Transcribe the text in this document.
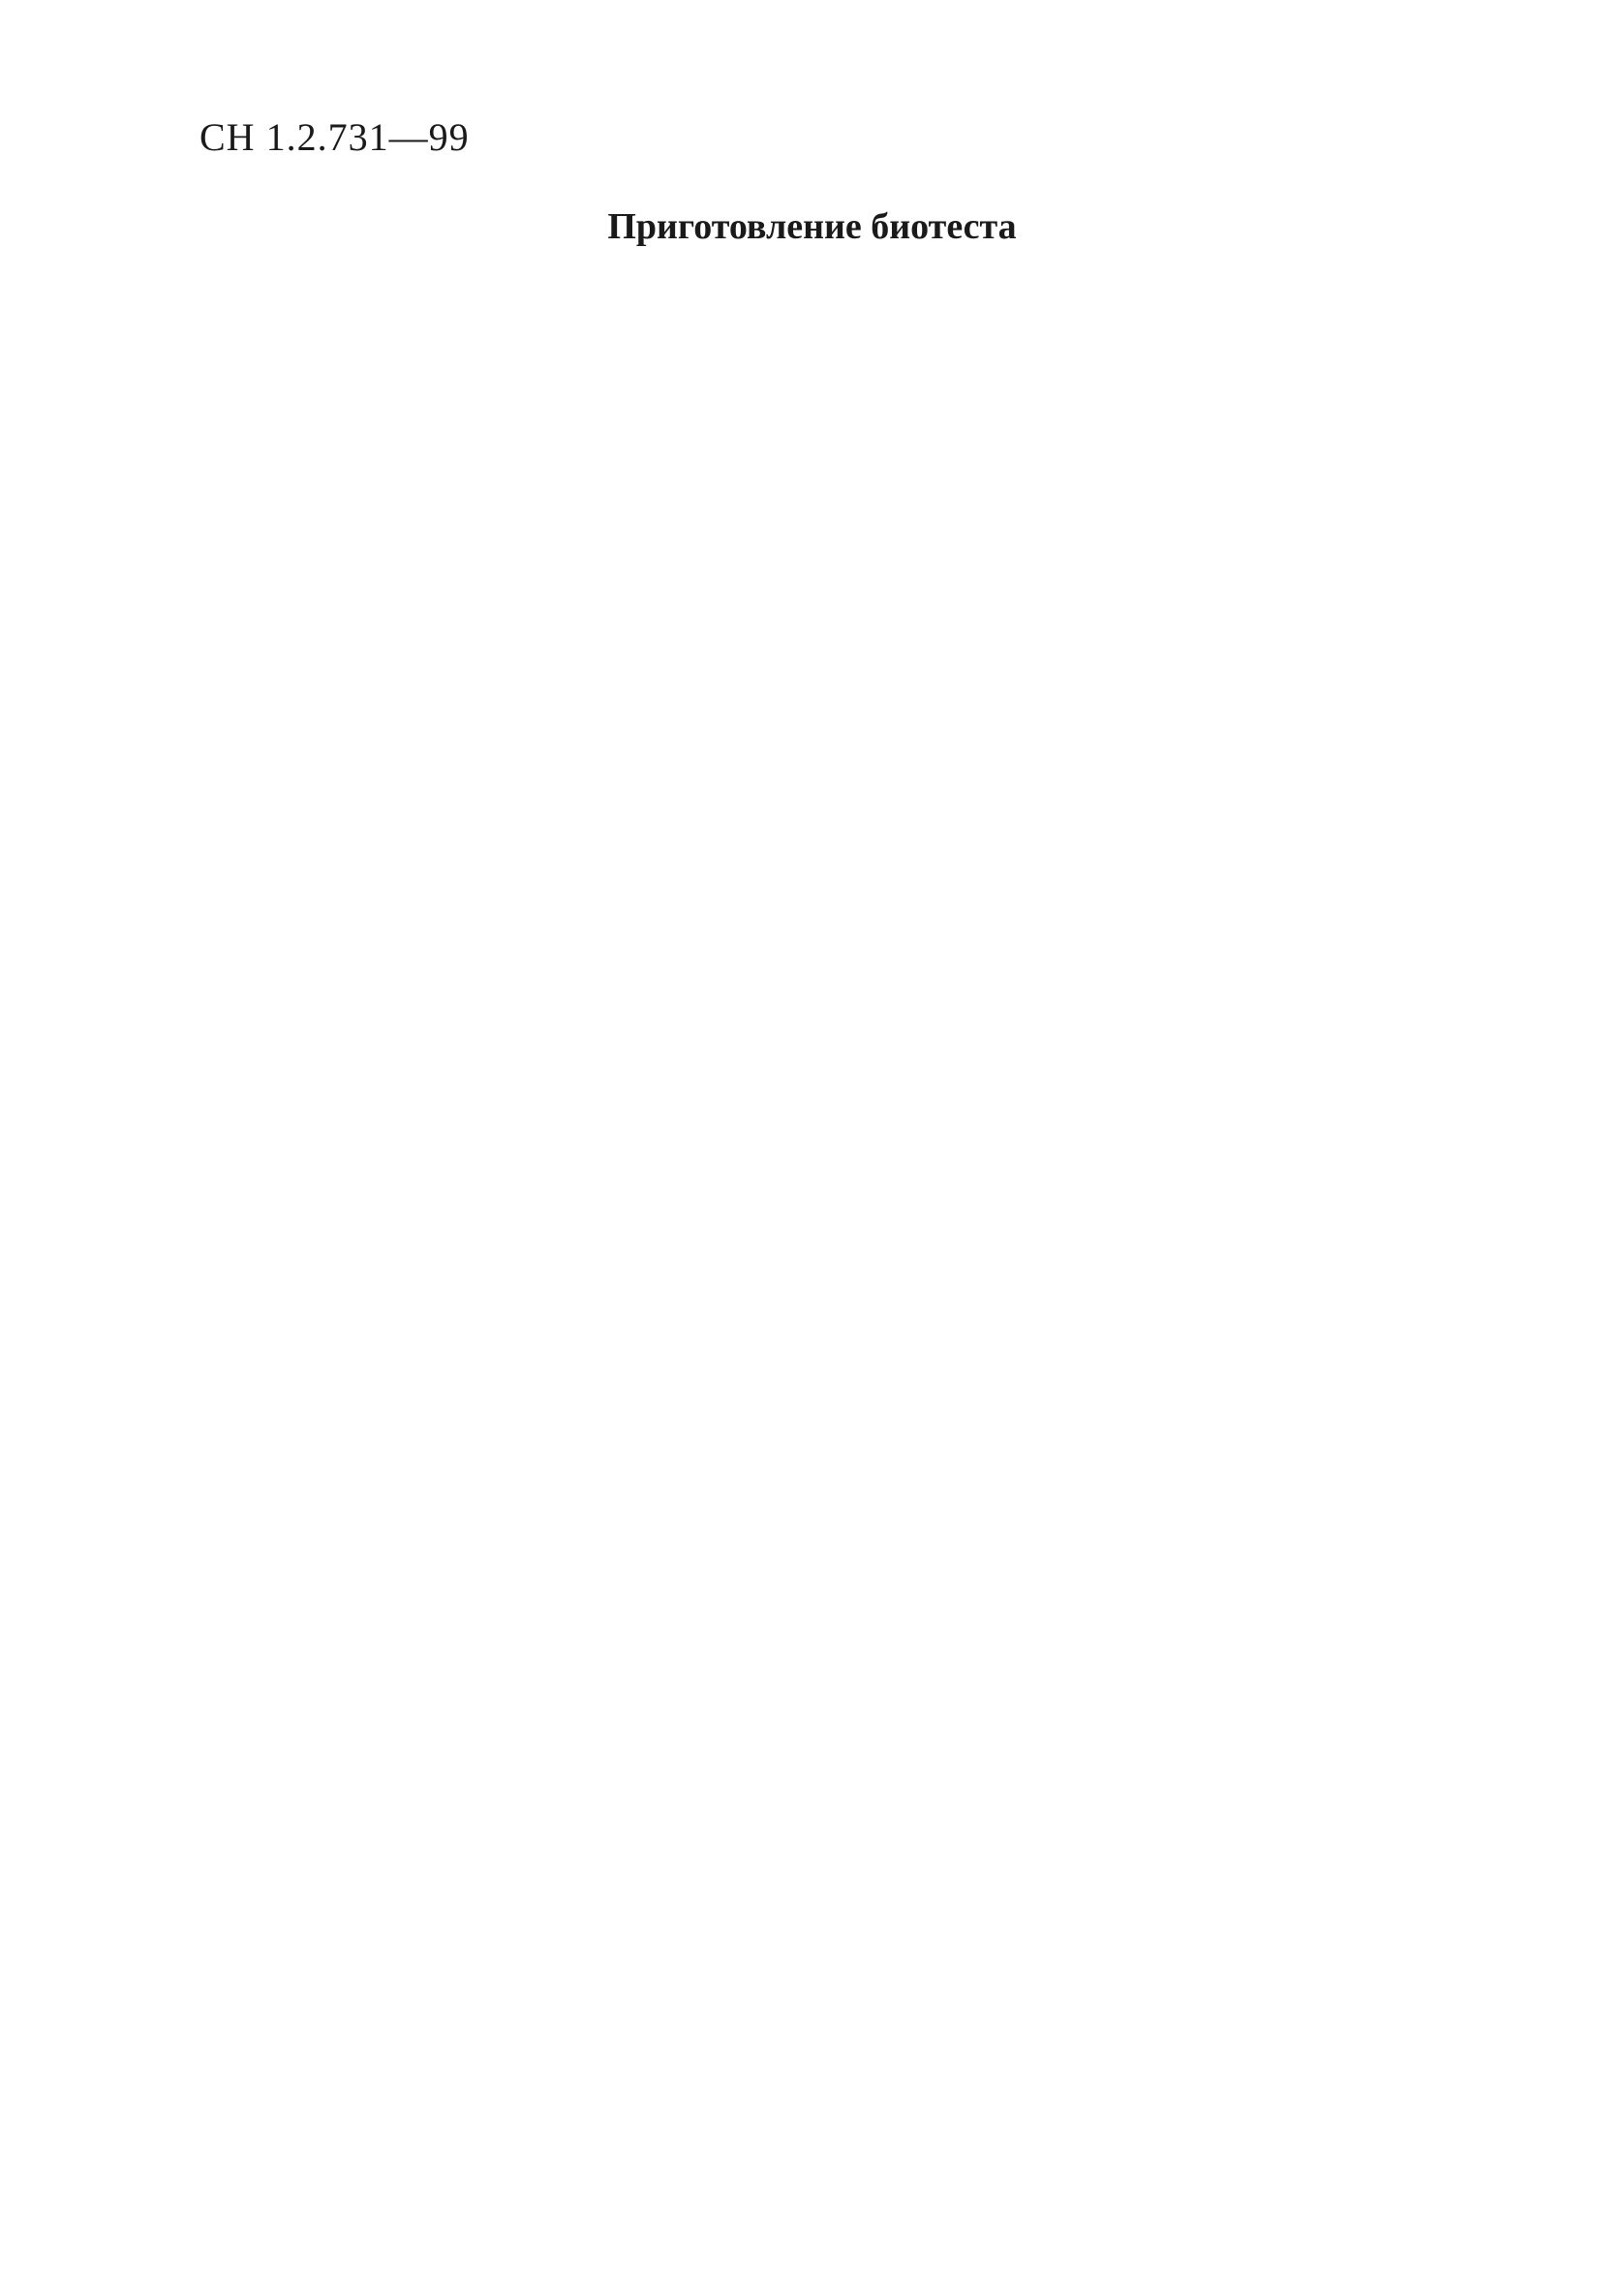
СН 1.2.731—99

Приготовление биотеста
